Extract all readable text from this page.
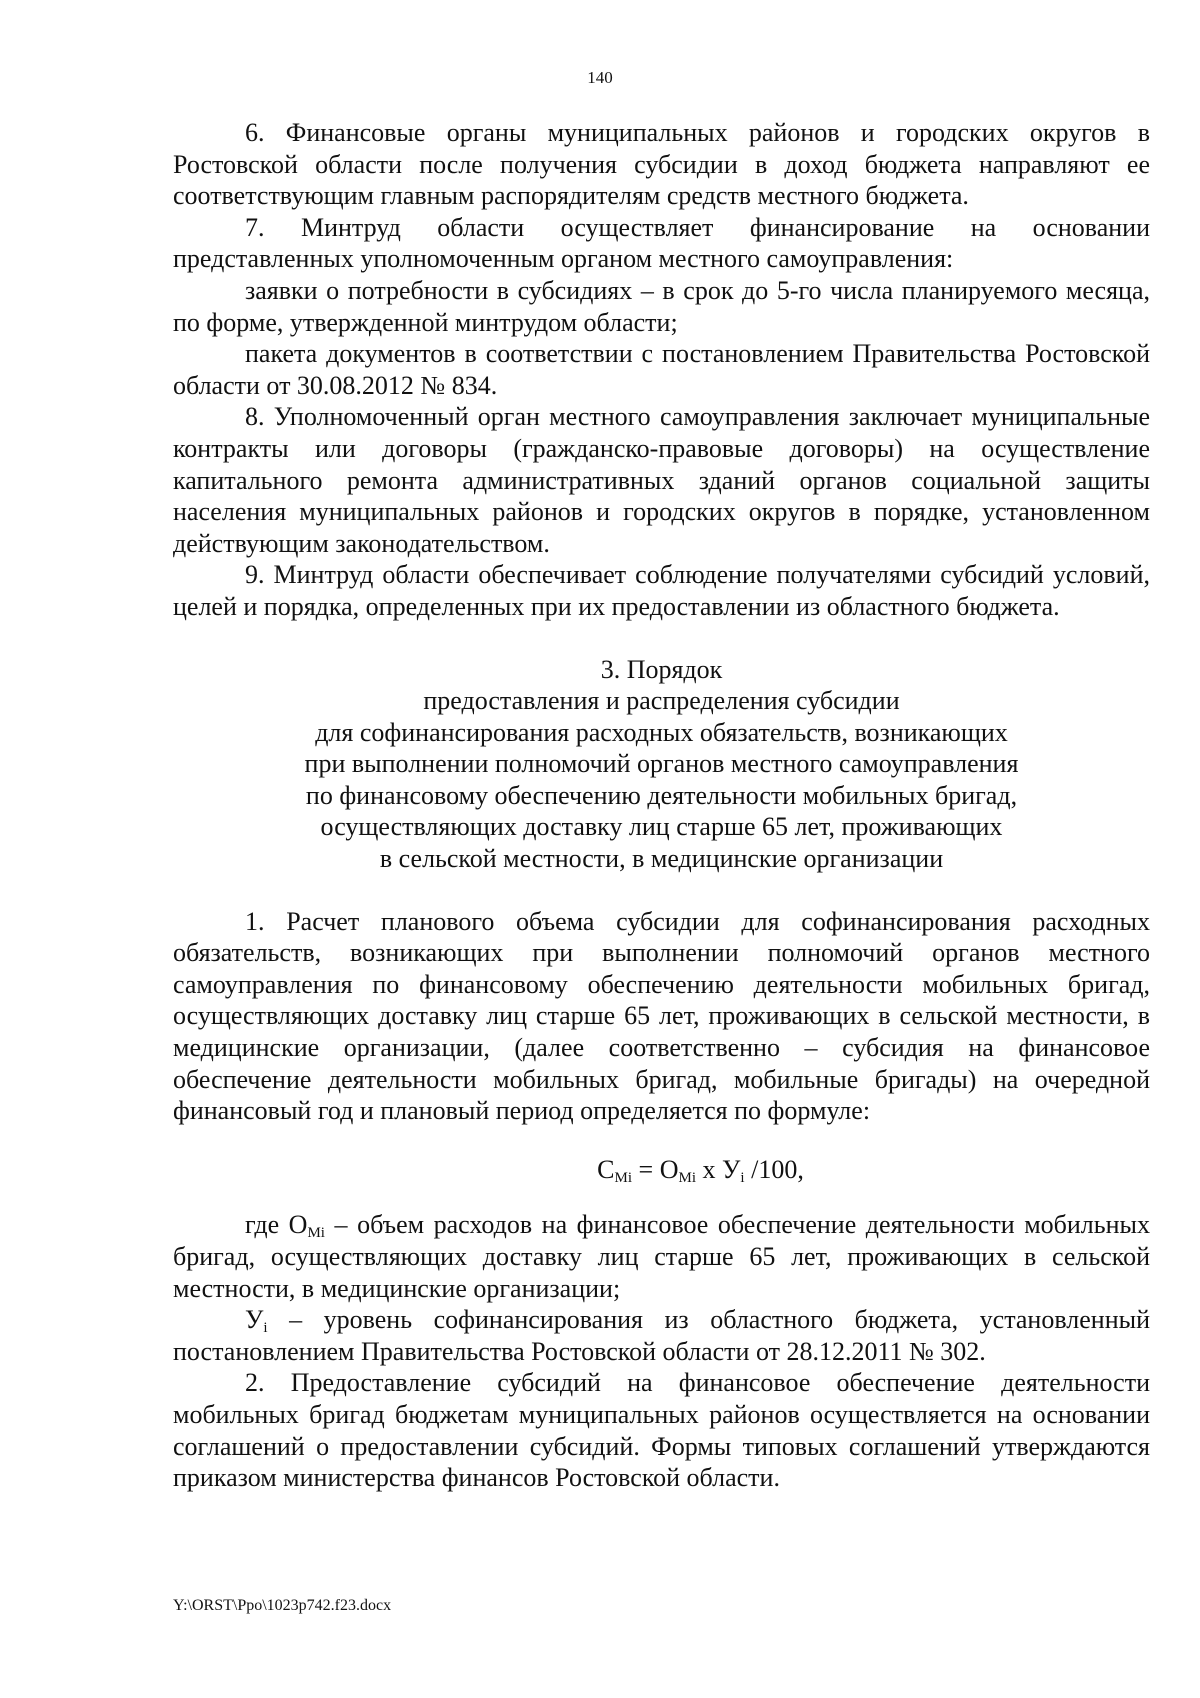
140

6. Финансовые органы муниципальных районов и городских округов в Ростовской области после получения субсидии в доход бюджета направляют ее соответствующим главным распорядителям средств местного бюджета.

7. Минтруд области осуществляет финансирование на основании представленных уполномоченным органом местного самоуправления:

заявки о потребности в субсидиях – в срок до 5-го числа планируемого месяца, по форме, утвержденной минтрудом области;

пакета документов в соответствии с постановлением Правительства Ростовской области от 30.08.2012 № 834.

8. Уполномоченный орган местного самоуправления заключает муниципальные контракты или договоры (гражданско-правовые договоры) на осуществление капитального ремонта административных зданий органов социальной защиты населения муниципальных районов и городских округов в порядке, установленном действующим законодательством.

9. Минтруд области обеспечивает соблюдение получателями субсидий условий, целей и порядка, определенных при их предоставлении из областного бюджета.

3. Порядок
предоставления и распределения субсидии
для софинансирования расходных обязательств, возникающих
при выполнении полномочий органов местного самоуправления
по финансовому обеспечению деятельности мобильных бригад,
осуществляющих доставку лиц старше 65 лет, проживающих
в сельской местности, в медицинские организации

1. Расчет планового объема субсидии для софинансирования расходных обязательств, возникающих при выполнении полномочий органов местного самоуправления по финансовому обеспечению деятельности мобильных бригад, осуществляющих доставку лиц старше 65 лет, проживающих в сельской местности, в медицинские организации, (далее соответственно – субсидия на финансовое обеспечение деятельности мобильных бригад, мобильные бригады) на очередной финансовый год и плановый период определяется по формуле:

$С_{Мi} = О_{Мi}$ х $У_i$ /100,

где $О_{Мi}$ – объем расходов на финансовое обеспечение деятельности мобильных бригад, осуществляющих доставку лиц старше 65 лет, проживающих в сельской местности, в медицинские организации;

$У_i$ – уровень софинансирования из областного бюджета, установленный постановлением Правительства Ростовской области от 28.12.2011 № 302.

2. Предоставление субсидий на финансовое обеспечение деятельности мобильных бригад бюджетам муниципальных районов осуществляется на основании соглашений о предоставлении субсидий. Формы типовых соглашений утверждаются приказом министерства финансов Ростовской области.

Y:\ORST\Ppo\1023p742.f23.docx
